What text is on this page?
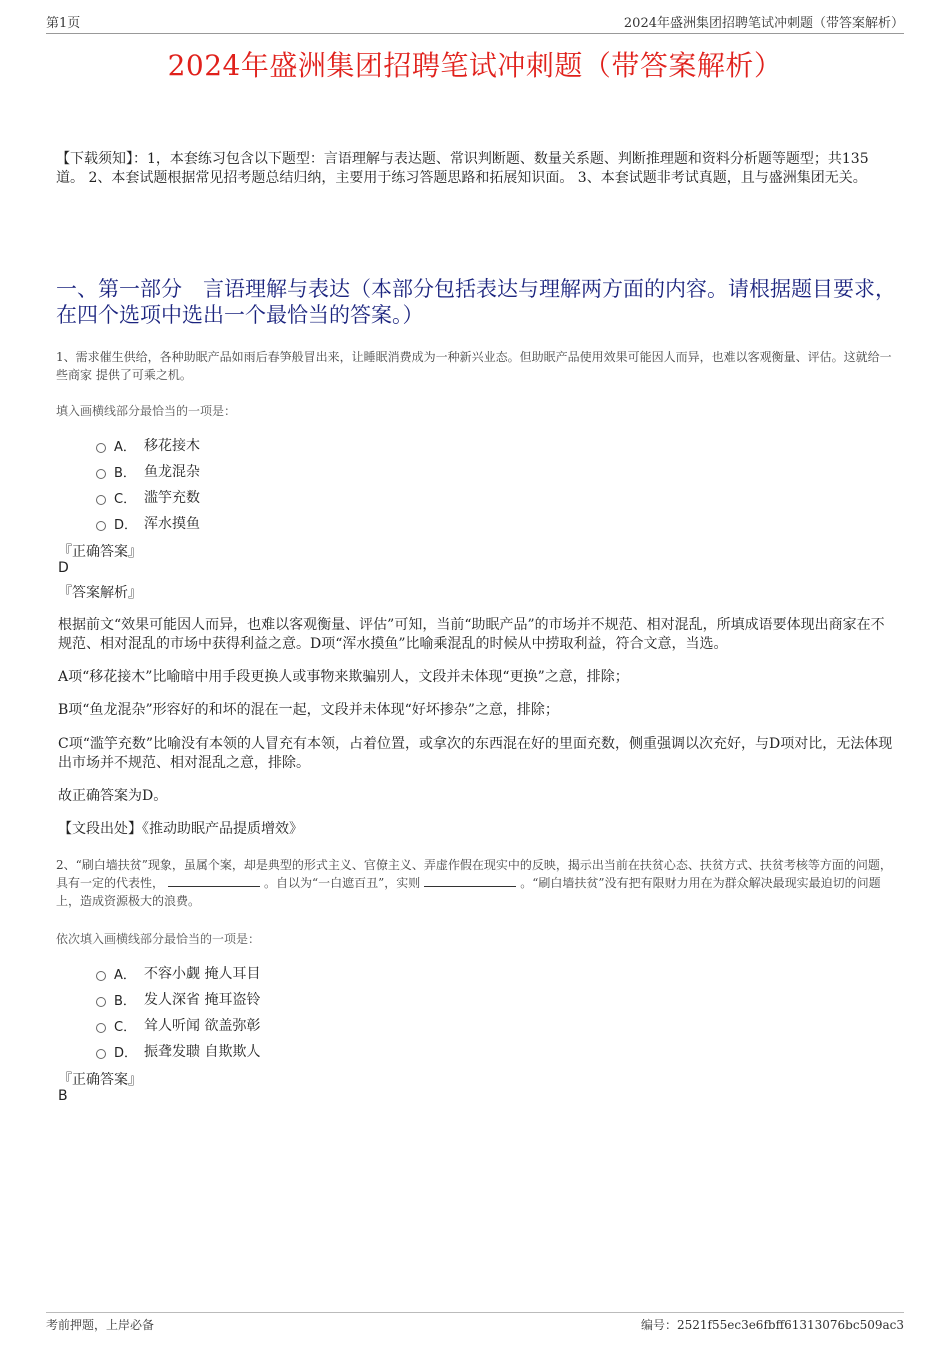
第1页	2024年盛洲集团招聘笔试冲刺题（带答案解析）
2024年盛洲集团招聘笔试冲刺题（带答案解析）
【下载须知】：1，本套练习包含以下题型：言语理解与表达题、常识判断题、数量关系题、判断推理题和资料分析题等题型；共135道。 2、本套试题根据常见招考题总结归纳，主要用于练习答题思路和拓展知识面。 3、本套试题非考试真题，且与盛洲集团无关。
一、第一部分　言语理解与表达（本部分包括表达与理解两方面的内容。请根据题目要求，在四个选项中选出一个最恰当的答案。）
1、需求催生供给，各种助眠产品如雨后春笋般冒出来，让睡眠消费成为一种新兴业态。但助眠产品使用效果可能因人而异，也难以客观衡量、评估。这就给一些商家 提供了可乘之机。
填入画横线部分最恰当的一项是：
A． 移花接木
B． 鱼龙混杂
C． 滥竽充数
D． 浑水摸鱼
『正确答案』
D
『答案解析』
根据前文“效果可能因人而异，也难以客观衡量、评估”可知，当前“助眠产品”的市场并不规范、相对混乱，所填成语要体现出商家在不规范、相对混乱的市场中获得利益之意。D项“浑水摸鱼”比喻乘混乱的时候从中捞取利益，符合文意，当选。
A项“移花接木”比喻暗中用手段更换人或事物来欺骗别人，文段并未体现“更换”之意，排除；
B项“鱼龙混杂”形容好的和坏的混在一起，文段并未体现“好坏掺杂”之意，排除；
C项“滥竽充数”比喻没有本领的人冒充有本领，占着位置，或拿次的东西混在好的里面充数，侧重强调以次充好，与D项对比，无法体现出市场并不规范、相对混乱之意，排除。
故正确答案为D。
【文段出处】《推动助眠产品提质增效》
2、“刷白墙扶贫”现象，虽属个案，却是典型的形式主义、官僚主义、弄虚作假在现实中的反映，揭示出当前在扶贫心态、扶贫方式、扶贫考核等方面的问题，具有一定的代表性，	。自以为“一白遮百丑”，实则	。“刷白墙扶贫”没有把有限财力用在为群众解决最现实最迫切的问题上，造成资源极大的浪费。
依次填入画横线部分最恰当的一项是：
A． 不容小觑 掩人耳目
B． 发人深省 掩耳盗铃
C． 耸人听闻 欲盖弥彰
D． 振聋发聩 自欺欺人
『正确答案』
B
考前押题，上岸必备	编号：2521f55ec3e6fbff61313076bc509ac3
